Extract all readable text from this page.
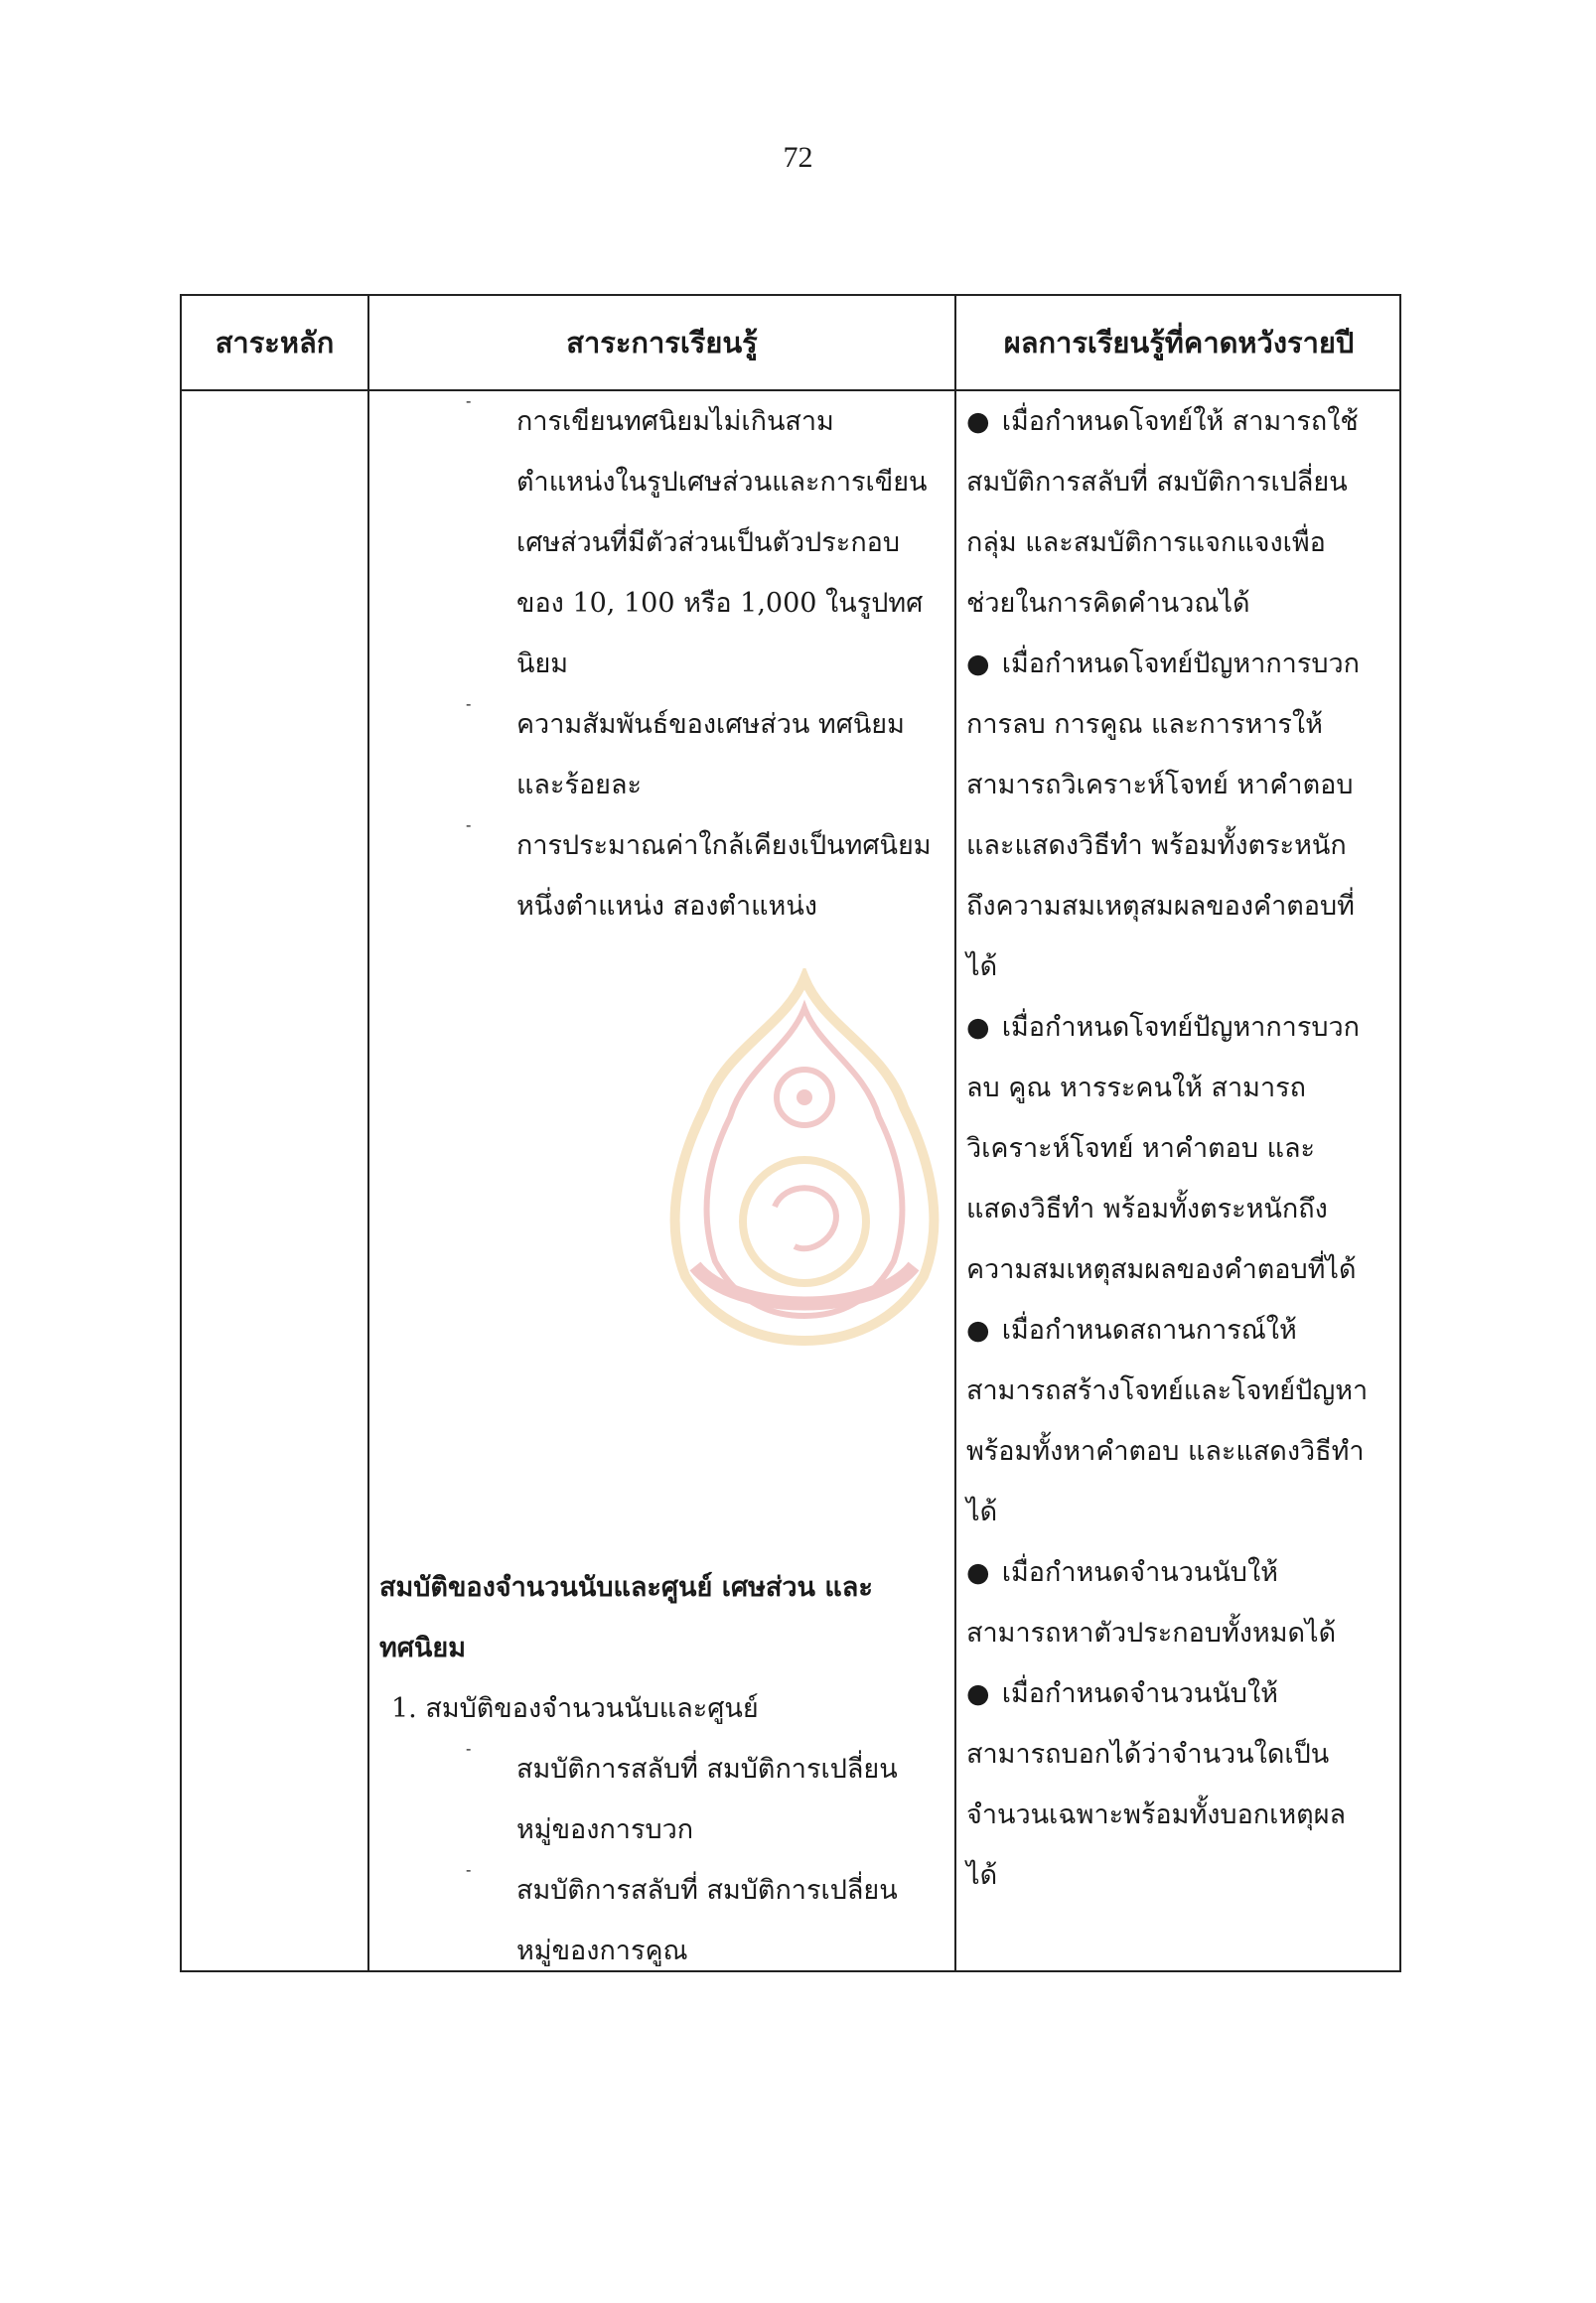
72
สาระหลัก	สาระการเรียนรู้	ผลการเรียนรู้ที่คาดหวังรายปี
-
การเขียนทศนิยมไม่เกินสาม
ตำแหน่งในรูปเศษส่วนและการเขียน
เศษส่วนที่มีตัวส่วนเป็นตัวประกอบ
ของ 10, 100 หรือ 1,000 ในรูปทศ
นิยม
-
ความสัมพันธ์ของเศษส่วน ทศนิยม
และร้อยละ
-
การประมาณค่าใกล้เคียงเป็นทศนิยม
หนึ่งตำแหน่ง สองตำแหน่ง
สมบัติของจำนวนนับและศูนย์ เศษส่วน และ
ทศนิยม
1. สมบัติของจำนวนนับและศูนย์
-
สมบัติการสลับที่ สมบัติการเปลี่ยน
หมู่ของการบวก
-
สมบัติการสลับที่ สมบัติการเปลี่ยน
หมู่ของการคูณ
● เมื่อกำหนดโจทย์ให้ สามารถใช้
สมบัติการสลับที่ สมบัติการเปลี่ยน
กลุ่ม และสมบัติการแจกแจงเพื่อ
ช่วยในการคิดคำนวณได้
● เมื่อกำหนดโจทย์ปัญหาการบวก
การลบ การคูณ และการหารให้
สามารถวิเคราะห์โจทย์ หาคำตอบ
และแสดงวิธีทำ พร้อมทั้งตระหนัก
ถึงความสมเหตุสมผลของคำตอบที่
ได้
● เมื่อกำหนดโจทย์ปัญหาการบวก
ลบ คูณ หารระคนให้ สามารถ
วิเคราะห์โจทย์ หาคำตอบ และ
แสดงวิธีทำ พร้อมทั้งตระหนักถึง
ความสมเหตุสมผลของคำตอบที่ได้
● เมื่อกำหนดสถานการณ์ให้
สามารถสร้างโจทย์และโจทย์ปัญหา
พร้อมทั้งหาคำตอบ และแสดงวิธีทำ
ได้
● เมื่อกำหนดจำนวนนับให้
สามารถหาตัวประกอบทั้งหมดได้
● เมื่อกำหนดจำนวนนับให้
สามารถบอกได้ว่าจำนวนใดเป็น
จำนวนเฉพาะพร้อมทั้งบอกเหตุผล
ได้
